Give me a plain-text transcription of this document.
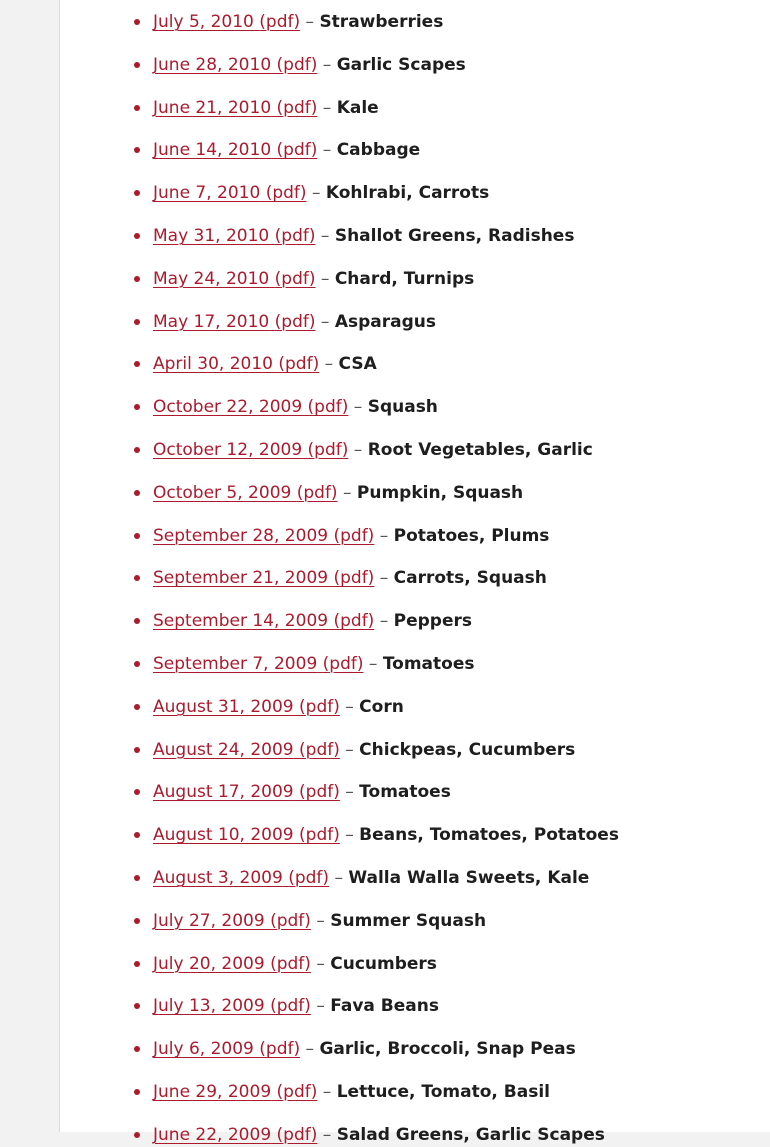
July 5, 2010 (pdf) – Strawberries
June 28, 2010 (pdf) – Garlic Scapes
June 21, 2010 (pdf) – Kale
June 14, 2010 (pdf) – Cabbage
June 7, 2010 (pdf) – Kohlrabi, Carrots
May 31, 2010 (pdf) – Shallot Greens, Radishes
May 24, 2010 (pdf) – Chard, Turnips
May 17, 2010 (pdf) – Asparagus
April 30, 2010 (pdf) – CSA
October 22, 2009 (pdf) – Squash
October 12, 2009 (pdf) – Root Vegetables, Garlic
October 5, 2009 (pdf) – Pumpkin, Squash
September 28, 2009 (pdf) – Potatoes, Plums
September 21, 2009 (pdf) – Carrots, Squash
September 14, 2009 (pdf) – Peppers
September 7, 2009 (pdf) – Tomatoes
August 31, 2009 (pdf) – Corn
August 24, 2009 (pdf) – Chickpeas, Cucumbers
August 17, 2009 (pdf) – Tomatoes
August 10, 2009 (pdf) – Beans, Tomatoes, Potatoes
August 3, 2009 (pdf) – Walla Walla Sweets, Kale
July 27, 2009 (pdf) – Summer Squash
July 20, 2009 (pdf) – Cucumbers
July 13, 2009 (pdf) – Fava Beans
July 6, 2009 (pdf) – Garlic, Broccoli, Snap Peas
June 29, 2009 (pdf) – Lettuce, Tomato, Basil
June 22, 2009 (pdf) – Salad Greens, Garlic Scapes
